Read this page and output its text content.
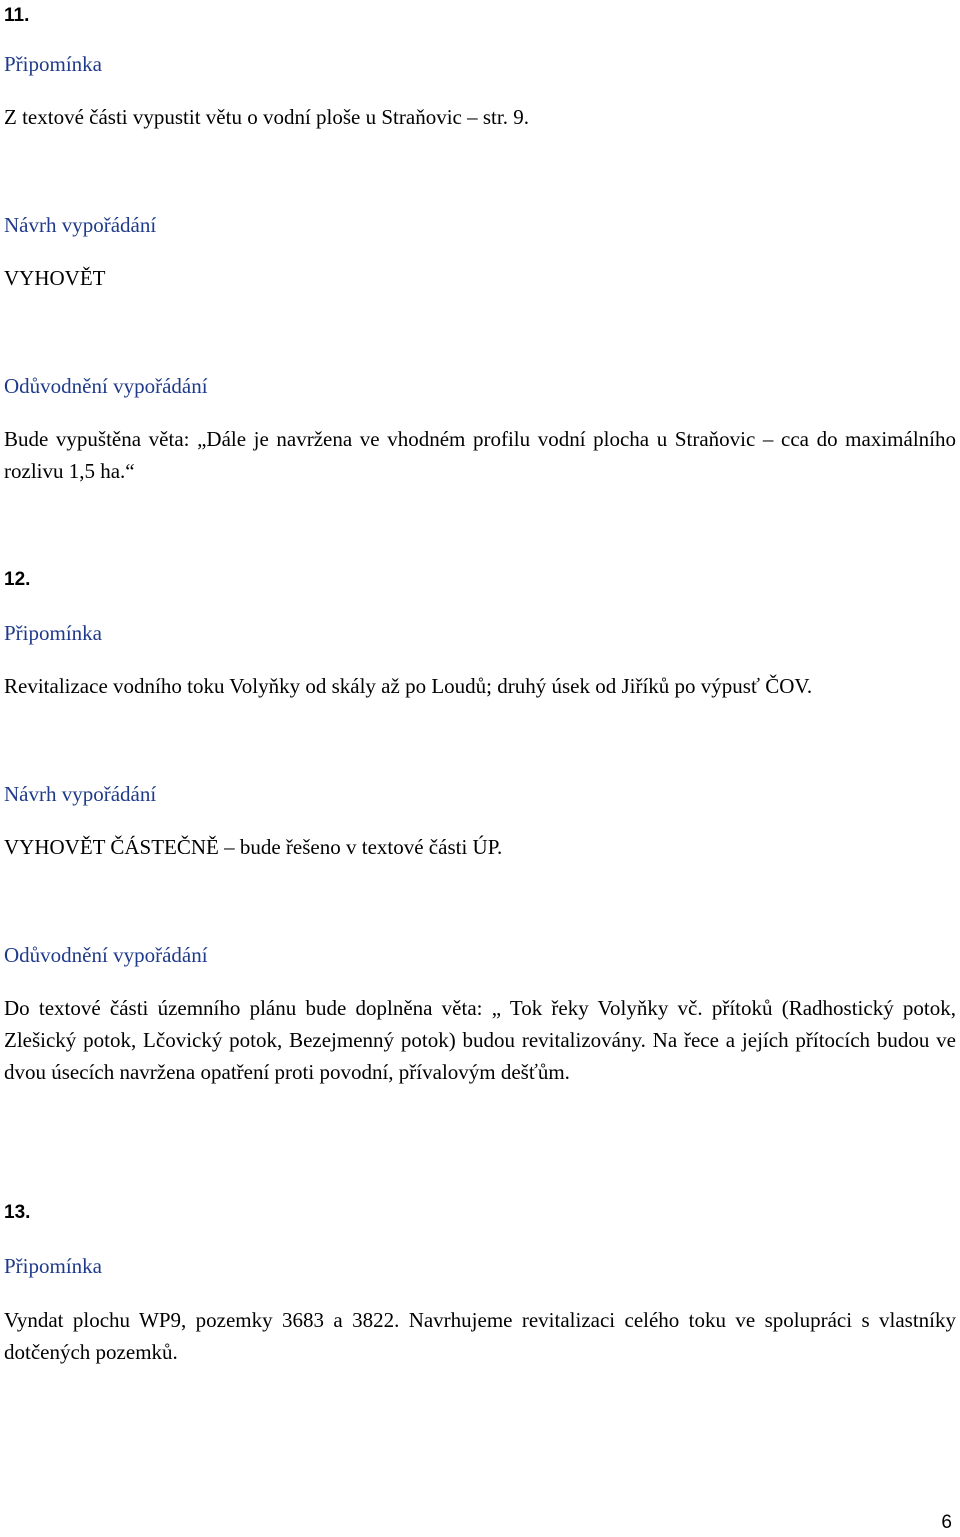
11.
Připomínka
Z textové části vypustit větu o vodní ploše u Straňovic – str. 9.
Návrh vypořádání
VYHOVĚT
Odůvodnění vypořádání
Bude vypuštěna věta: „Dále je navržena ve vhodném profilu vodní plocha u Straňovic – cca do maximálního rozlivu 1,5 ha.“
12.
Připomínka
Revitalizace vodního toku Volyňky od skály až po Loudů; druhý úsek od Jiříků po výpusť ČOV.
Návrh vypořádání
VYHOVĚT ČÁSTEČNĚ – bude řešeno v textové části ÚP.
Odůvodnění vypořádání
Do textové části územního plánu bude doplněna věta: „ Tok řeky Volyňky vč. přítoků (Radhostický potok, Zlešický potok, Lčovický potok, Bezejmenný potok) budou revitalizovány. Na řece a jejích přítocích budou ve dvou úsecích navržena opatření proti povodní, přívalovým dešťům.
13.
Připomínka
Vyndat plochu WP9, pozemky 3683 a 3822. Navrhujeme revitalizaci celého toku ve spolupráci s vlastníky dotčených pozemků.
6
